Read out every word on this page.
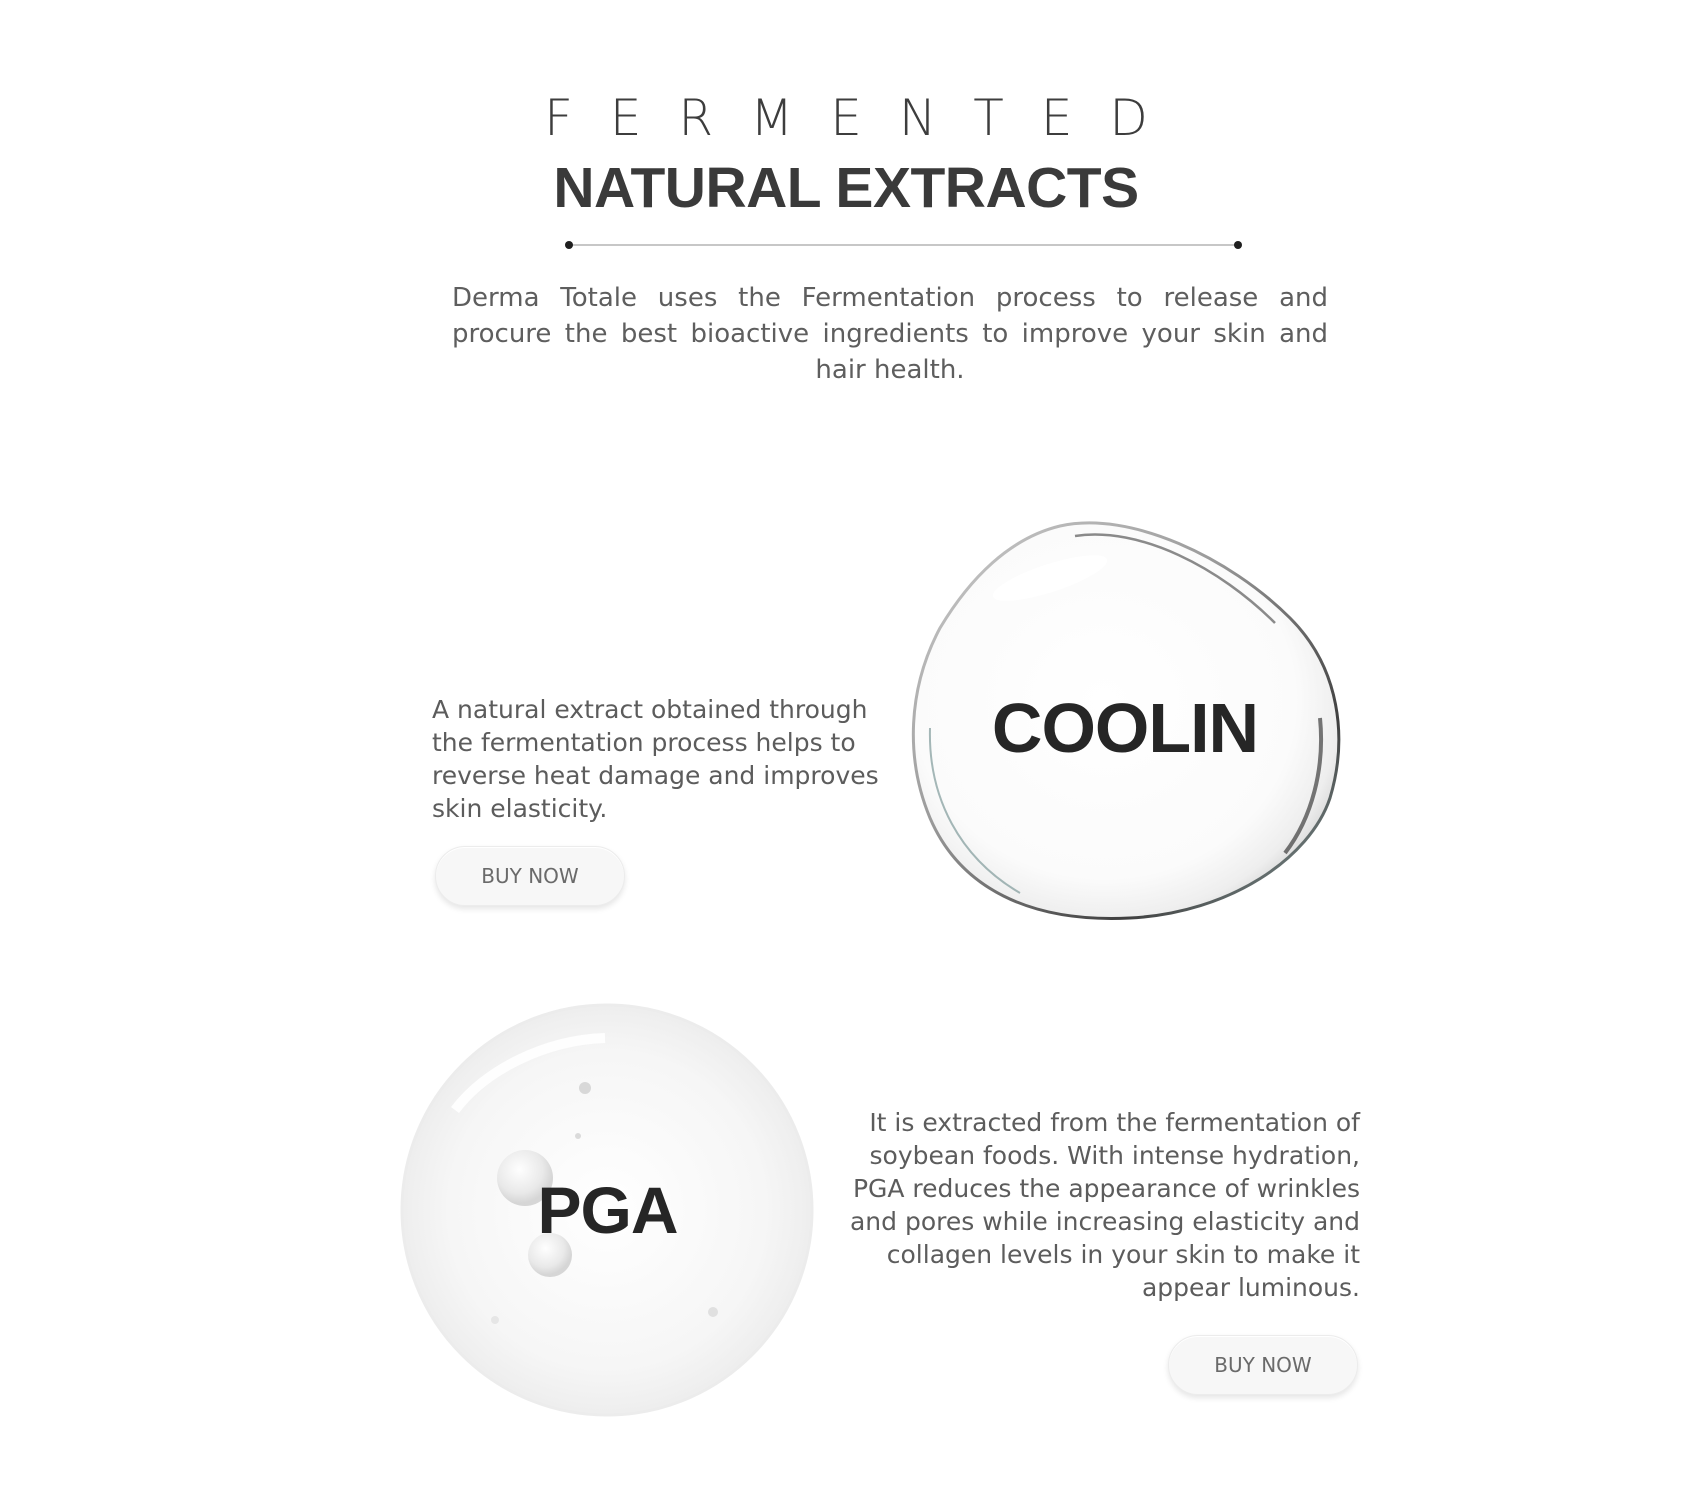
FERMENTED
NATURAL EXTRACTS
Derma Totale uses the Fermentation process to release and procure the best bioactive ingredients to improve your skin and hair health.
A natural extract obtained through the fermentation process helps to reverse heat damage and improves skin elasticity.
BUY NOW
COOLIN
PGA
It is extracted from the fermentation of soybean foods. With intense hydration, PGA reduces the appearance of wrinkles and pores while increasing elasticity and collagen levels in your skin to make it appear luminous.
BUY NOW
